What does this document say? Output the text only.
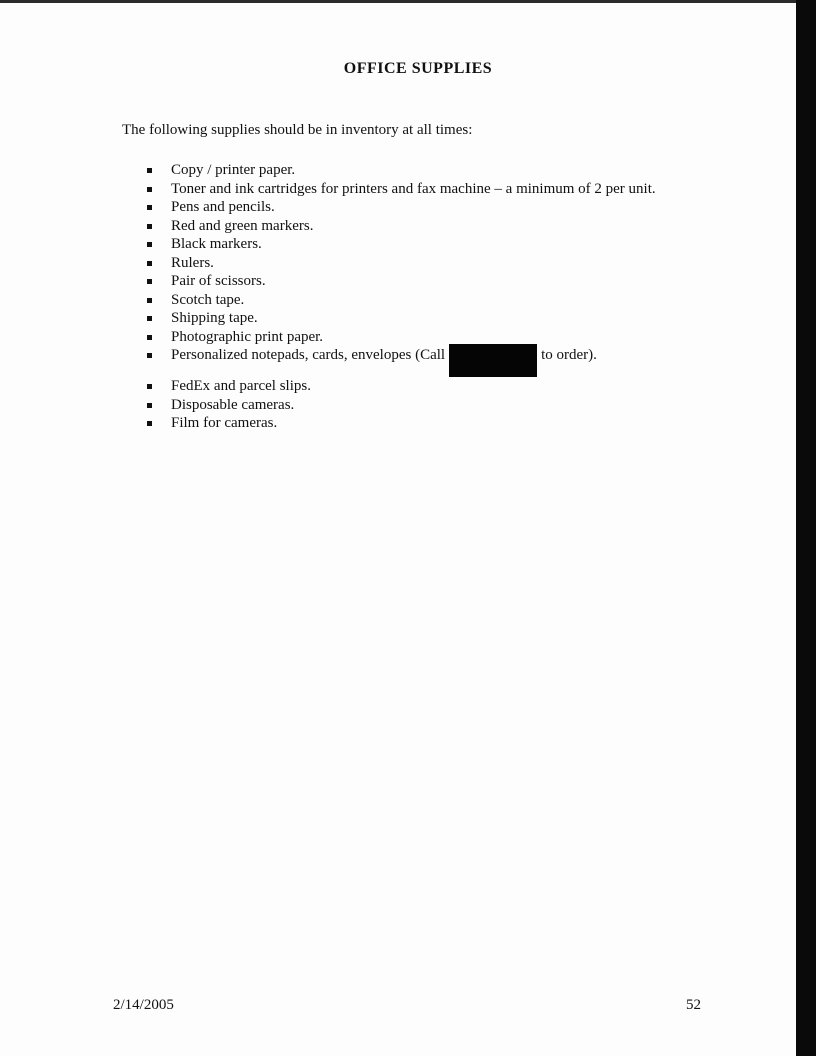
OFFICE SUPPLIES
The following supplies should be in inventory at all times:
Copy / printer paper.
Toner and ink cartridges for printers and fax machine – a minimum of 2 per unit.
Pens and pencils.
Red and green markers.
Black markers.
Rulers.
Pair of scissors.
Scotch tape.
Shipping tape.
Photographic print paper.
Personalized notepads, cards, envelopes (Call	to order).
FedEx and parcel slips.
Disposable cameras.
Film for cameras.
2/14/2005	52
